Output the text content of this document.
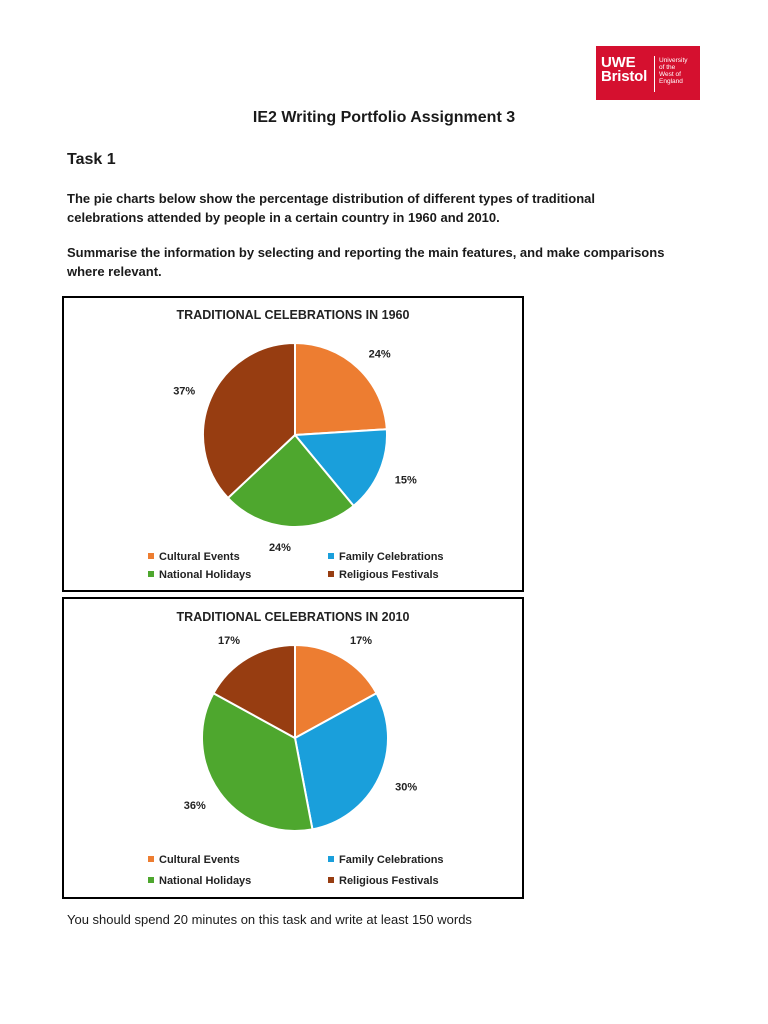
UWE
Bristol
University
of the
West of
England
IE2 Writing Portfolio Assignment 3
Task 1

The pie charts below show the percentage distribution of different types of traditional celebrations attended by people in a certain country in 1960 and 2010.

Summarise the information by selecting and reporting the main features, and make comparisons where relevant.

TRADITIONAL CELEBRATIONS IN 1960
24%
15%
24%
37%
Cultural Events	Family Celebrations
National Holidays	Religious Festivals
TRADITIONAL CELEBRATIONS IN 2010
17%
30%
36%
17%
Cultural Events	Family Celebrations
National Holidays	Religious Festivals
You should spend 20 minutes on this task and write at least 150 words
